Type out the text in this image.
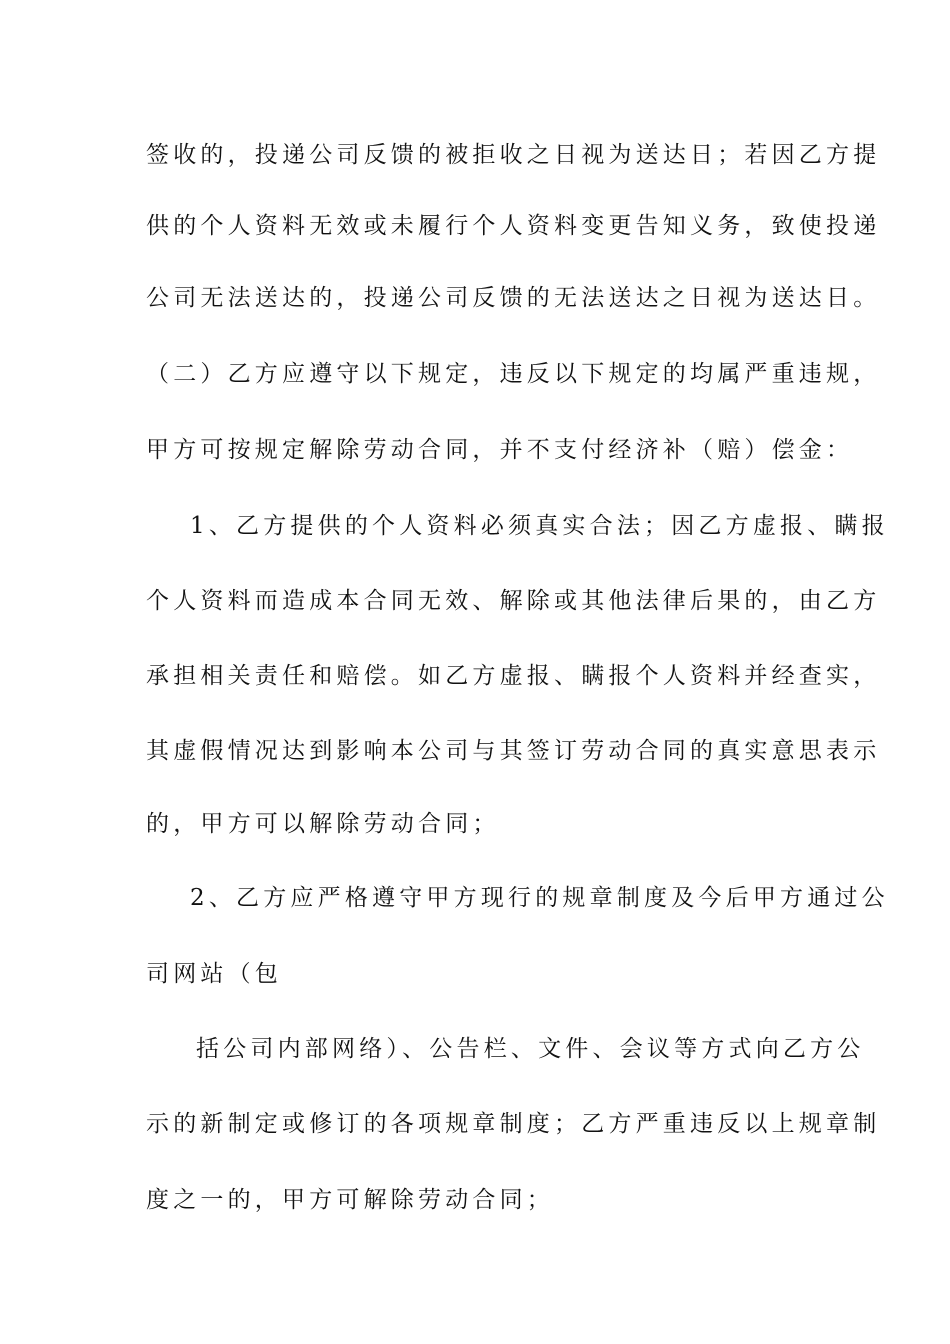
签收的，投递公司反馈的被拒收之日视为送达日；若因乙方提
供的个人资料无效或未履行个人资料变更告知义务，致使投递
公司无法送达的，投递公司反馈的无法送达之日视为送达日。
（二）乙方应遵守以下规定，违反以下规定的均属严重违规，
甲方可按规定解除劳动合同，并不支付经济补（赔）偿金：
1、乙方提供的个人资料必须真实合法；因乙方虚报、瞒报
个人资料而造成本合同无效、解除或其他法律后果的，由乙方
承担相关责任和赔偿。如乙方虚报、瞒报个人资料并经查实，
其虚假情况达到影响本公司与其签订劳动合同的真实意思表示
的，甲方可以解除劳动合同；
2、乙方应严格遵守甲方现行的规章制度及今后甲方通过公
司网站（包
括公司内部网络）、公告栏、文件、会议等方式向乙方公
示的新制定或修订的各项规章制度；乙方严重违反以上规章制
度之一的，甲方可解除劳动合同；
